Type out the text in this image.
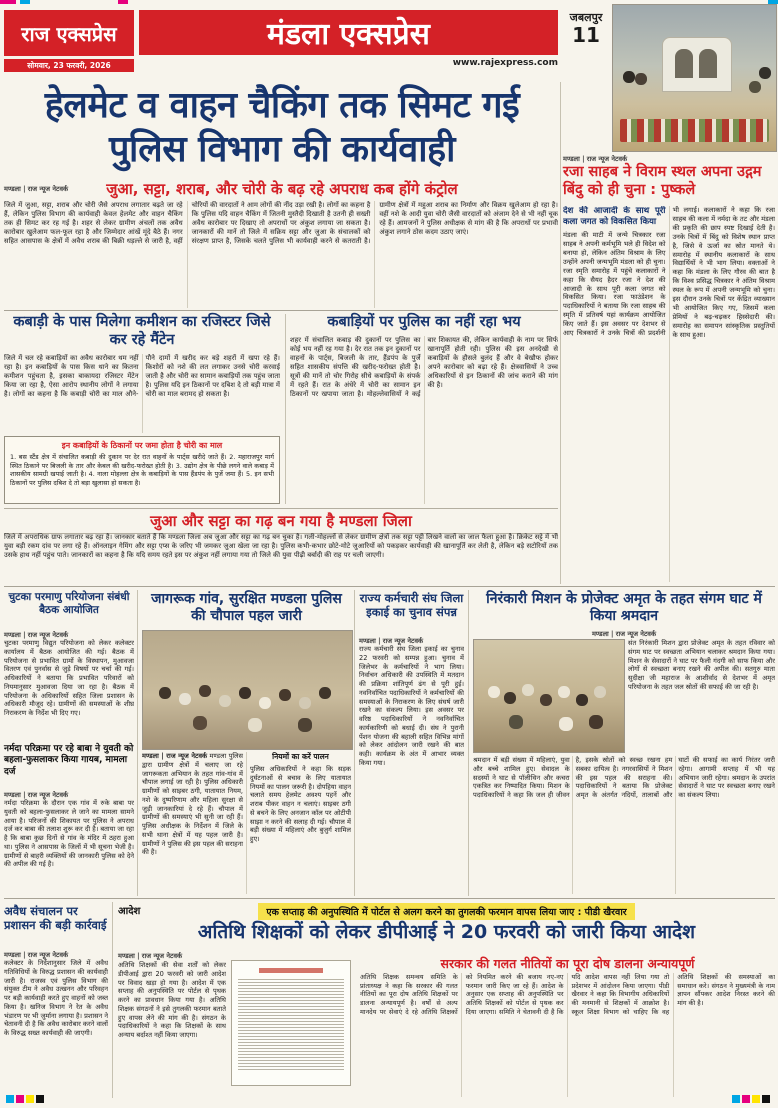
राज एक्सप्रेस
सोमवार, 23 फरवरी, 2026
मंडला एक्सप्रेस
www.rajexpress.com
जबलपुर
11
हेलमेट व वाहन चैकिंग तक सिमट गई पुलिस विभाग की कार्यवाही
मण्डला | राज न्यूज नेटवर्क	जुआ, सट्टा, शराब, और चोरी के बढ़ रहे अपराध कब होंगे कंट्रोल
जिले में जुआ, सट्टा, शराब और चोरी जैसे अपराध लगातार बढ़ते जा रहे हैं, लेकिन पुलिस विभाग की कार्यवाही केवल हेलमेट और वाहन चैकिंग तक ही सिमट कर रह गई है। शहर से लेकर ग्रामीण अंचलों तक अवैध कारोबार खुलेआम फल-फूल रहा है और जिम्मेदार आंखें मूंदे बैठे हैं। नगर सहित आसपास के क्षेत्रों में अवैध शराब की बिक्री धड़ल्ले से जारी है, वहीं चोरियों की वारदातों ने आम लोगों की नींद उड़ा रखी है। लोगों का कहना है कि पुलिस यदि वाहन चैकिंग में जितनी मुस्तैदी दिखाती है उतनी ही सख्ती अवैध कारोबार पर दिखाए तो अपराधों पर अंकुश लगाया जा सकता है। जानकारों की मानें तो जिले में सक्रिय सट्टा और जुआ के संचालकों को संरक्षण प्राप्त है, जिसके चलते पुलिस भी कार्यवाही करने से कतराती है। ग्रामीण क्षेत्रों में महुआ शराब का निर्माण और विक्रय खुलेआम हो रहा है। वहीं नशे के आदी युवा चोरी जैसी वारदातों को अंजाम देने से भी नहीं चूक रहे हैं। आमजनों ने पुलिस अधीक्षक से मांग की है कि अपराधों पर प्रभावी अंकुश लगाने ठोस कदम उठाए जाएं।
कबाड़ी के पास मिलेगा कमीशन का रजिस्टर जिसे कर रहे मैंटेन
जिले में चल रहे कबाड़ियों का अवैध कारोबार थम नहीं रहा है। इन कबाड़ियों के पास किस थाने का कितना कमीशन पहुंचता है, इसका बाकायदा रजिस्टर मेंटेन किया जा रहा है, ऐसा आरोप स्थानीय लोगों ने लगाया है। लोगों का कहना है कि कबाड़ी चोरी का माल औने-पौने दामों में खरीद कर बड़े शहरों में खपा रहे हैं। किशोरों को नशे की लत लगाकर उनसे चोरी करवाई जाती है और चोरी का सामान कबाड़ियों तक पहुंच जाता है। पुलिस यदि इन ठिकानों पर दबिश दे तो बड़ी मात्रा में चोरी का माल बरामद हो सकता है।
इन कबाड़ियों के ठिकानों पर जमा होता है चोरी का माल
1. बस स्टैंड क्षेत्र में संचालित कबाड़ी की दुकान पर देर रात वाहनों के पार्ट्स खरीदे जाते हैं। 2. महाराजपुर मार्ग स्थित ठिकाने पर बिजली के तार और केबल की खरीद-फरोख्त होती है। 3. उद्योग क्षेत्र के पीछे लगने वाले कबाड़ में शासकीय सामग्री खपाई जाती है। 4. नाला मोहल्ला क्षेत्र के कबाड़ियों के पास हैंडपंप के पुर्जे जमा हैं। 5. इन सभी ठिकानों पर पुलिस दबिश दे तो बड़ा खुलासा हो सकता है।
कबाड़ियों पर पुलिस का नहीं रहा भय
शहर में संचालित कबाड़ की दुकानों पर पुलिस का कोई भय नहीं रह गया है। देर रात तक इन दुकानों पर वाहनों के पार्ट्स, बिजली के तार, हैंडपंप के पुर्जे सहित शासकीय संपत्ति की खरीद-फरोख्त होती है। सूत्रों की मानें तो चोर गिरोह सीधे कबाड़ियों के संपर्क में रहते हैं। रात के अंधेरे में चोरी का सामान इन ठिकानों पर खपाया जाता है। मोहल्लेवासियों ने कई बार शिकायत की, लेकिन कार्यवाही के नाम पर सिर्फ खानापूर्ति होती रही। पुलिस की इस अनदेखी से कबाड़ियों के हौसले बुलंद हैं और वे बेखौफ होकर अपने कारोबार को बढ़ा रहे हैं। क्षेत्रवासियों ने उच्च अधिकारियों से इन ठिकानों की जांच कराने की मांग की है।
जुआ और सट्टा का गढ़ बन गया है मण्डला जिला
जिले में अपराधिक ग्राफ लगातार बढ़ रहा है। जानकार बताते हैं कि मण्डला जिला अब जुआ और सट्टा का गढ़ बन चुका है। गली-मोहल्लों से लेकर ग्रामीण क्षेत्रों तक सट्टा पट्टी लिखने वालों का जाल फैला हुआ है। क्रिकेट सट्टे में भी युवा बड़ी रकम दांव पर लगा रहे हैं। ऑनलाइन गेमिंग और सट्टा एप्स के जरिए भी जमकर जुआ खेला जा रहा है। पुलिस कभी-कभार छोटे-मोटे जुआरियों को पकड़कर कार्यवाही की खानापूर्ति कर लेती है, लेकिन बड़े सटोरियों तक उसके हाथ नहीं पहुंच पाते। जानकारों का कहना है कि यदि समय रहते इस पर अंकुश नहीं लगाया गया तो जिले की युवा पीढ़ी बर्बादी की राह पर चली जाएगी।
मण्डला | राज न्यूज नेटवर्क
रजा साहब ने विराम स्थल अपना उद्गम बिंदु को ही चुना : पुष्कले
देश की आजादी के साथ पूरी कला जगत को विकसित किया
मंडला की माटी में जन्मे चित्रकार रजा साहब ने अपनी कर्मभूमि भले ही विदेश को बनाया हो, लेकिन अंतिम विश्राम के लिए उन्होंने अपनी जन्मभूमि मंडला को ही चुना। रजा स्मृति समारोह में पहुंचे कलाकारों ने कहा कि सैयद हैदर रजा ने देश की आजादी के साथ पूरी कला जगत को विकसित किया। रजा फाउंडेशन के पदाधिकारियों ने बताया कि रजा साहब की स्मृति में प्रतिवर्ष यहां कार्यक्रम आयोजित किए जाते हैं। इस अवसर पर देशभर से आए चित्रकारों ने उनके चित्रों की प्रदर्शनी भी लगाई। कलाकारों ने कहा कि रजा साहब की कला में नर्मदा के तट और मंडला की प्रकृति की छाप स्पष्ट दिखाई देती है। उनके चित्रों में बिंदु को विशेष स्थान प्राप्त है, जिसे वे ऊर्जा का स्रोत मानते थे। समारोह में स्थानीय कलाकारों के साथ विद्यार्थियों ने भी भाग लिया। वक्ताओं ने कहा कि मंडला के लिए गौरव की बात है कि विश्व प्रसिद्ध चित्रकार ने अंतिम विश्राम स्थल के रूप में अपनी जन्मभूमि को चुना। इस दौरान उनके चित्रों पर केंद्रित व्याख्यान भी आयोजित किए गए, जिसमें कला प्रेमियों ने बढ़-चढ़कर हिस्सेदारी की। समारोह का समापन सांस्कृतिक प्रस्तुतियों के साथ हुआ।
चुटका परमाणु परियोजना संबंधी बैठक आयोजित
मण्डला | राज न्यूज नेटवर्क
चुटका परमाणु विद्युत परियोजना को लेकर कलेक्टर कार्यालय में बैठक आयोजित की गई। बैठक में परियोजना से प्रभावित ग्रामों के विस्थापन, मुआवजा वितरण एवं पुनर्वास से जुड़े विषयों पर चर्चा की गई। अधिकारियों ने बताया कि प्रभावित परिवारों को नियमानुसार मुआवजा दिया जा रहा है। बैठक में परियोजना के अधिकारियों सहित जिला प्रशासन के अधिकारी मौजूद रहे। ग्रामीणों की समस्याओं के शीघ्र निराकरण के निर्देश भी दिए गए।
नर्मदा परिक्रमा पर रहे बाबा ने युवती को बहला-फुसलाकर किया गायब, मामला दर्ज
मण्डला | राज न्यूज नेटवर्क
नर्मदा परिक्रमा के दौरान एक गांव में रुके बाबा पर युवती को बहला-फुसलाकर ले जाने का मामला सामने आया है। परिजनों की शिकायत पर पुलिस ने अपराध दर्ज कर बाबा की तलाश शुरू कर दी है। बताया जा रहा है कि बाबा कुछ दिनों से गांव के मंदिर में ठहरा हुआ था। पुलिस ने आसपास के जिलों में भी सूचना भेजी है। ग्रामीणों से बाहरी व्यक्तियों की जानकारी पुलिस को देने की अपील की गई है।
जागरूक गांव, सुरक्षित मण्डला पुलिस की चौपाल पहल जारी
मण्डला | राज न्यूज नेटवर्क मण्डला पुलिस द्वारा ग्रामीण क्षेत्रों में चलाए जा रहे जागरूकता अभियान के तहत गांव-गांव में चौपाल लगाई जा रही है। पुलिस अधिकारी ग्रामीणों को साइबर ठगी, यातायात नियम, नशे के दुष्परिणाम और महिला सुरक्षा से जुड़ी जानकारियां दे रहे हैं। चौपाल में ग्रामीणों की समस्याएं भी सुनी जा रही हैं। पुलिस अधीक्षक के निर्देशन में जिले के सभी थाना क्षेत्रों में यह पहल जारी है। ग्रामीणों ने पुलिस की इस पहल की सराहना की है।
नियमों का करें पालन
पुलिस अधिकारियों ने कहा कि सड़क दुर्घटनाओं से बचाव के लिए यातायात नियमों का पालन जरूरी है। दोपहिया वाहन चलाते समय हेलमेट अवश्य पहनें और शराब पीकर वाहन न चलाएं। साइबर ठगी से बचने के लिए अनजान कॉल पर ओटीपी साझा न करने की सलाह दी गई। चौपाल में बड़ी संख्या में महिलाएं और बुजुर्ग शामिल हुए।
राज्य कर्मचारी संघ जिला इकाई का चुनाव संपन्न
मण्डला | राज न्यूज नेटवर्क
राज्य कर्मचारी संघ जिला इकाई का चुनाव 22 फरवरी को सम्पन्न हुआ। चुनाव में जिलेभर के कर्मचारियों ने भाग लिया। निर्वाचन अधिकारी की उपस्थिति में मतदान की प्रक्रिया शांतिपूर्ण ढंग से पूरी हुई। नवनिर्वाचित पदाधिकारियों ने कर्मचारियों की समस्याओं के निराकरण के लिए संघर्ष जारी रखने का संकल्प लिया। इस अवसर पर वरिष्ठ पदाधिकारियों ने नवनिर्वाचित कार्यकारिणी को बधाई दी। संघ ने पुरानी पेंशन योजना की बहाली सहित विभिन्न मांगों को लेकर आंदोलन जारी रखने की बात कही। कार्यक्रम के अंत में आभार व्यक्त किया गया।
निरंकारी मिशन के प्रोजेक्ट अमृत के तहत संगम घाट में किया श्रमदान
मण्डला | राज न्यूज नेटवर्क
संत निरंकारी मिशन द्वारा प्रोजेक्ट अमृत के तहत रविवार को संगम घाट पर स्वच्छता अभियान चलाकर श्रमदान किया गया। मिशन के सेवादारों ने घाट पर फैली गंदगी को साफ किया और लोगों से स्वच्छता बनाए रखने की अपील की। सतगुरु माता सुदीक्षा जी महाराज के आशीर्वाद से देशभर में अमृत परियोजना के तहत जल स्रोतों की सफाई की जा रही है।
श्रमदान में बड़ी संख्या में महिलाएं, युवा और बच्चे शामिल हुए। सेवादल के सदस्यों ने घाट से पॉलीथिन और कचरा एकत्रित कर निष्पादित किया। मिशन के पदाधिकारियों ने कहा कि जल ही जीवन है, इसके स्रोतों को स्वच्छ रखना हम सबका दायित्व है। नगरवासियों ने मिशन की इस पहल की सराहना की। पदाधिकारियों ने बताया कि प्रोजेक्ट अमृत के अंतर्गत नदियों, तालाबों और घाटों की सफाई का कार्य निरंतर जारी रहेगा। आगामी सप्ताह में भी यह अभियान जारी रहेगा। श्रमदान के उपरांत सेवादारों ने घाट पर स्वच्छता बनाए रखने का संकल्प लिया।
अवैध संचालन पर प्रशासन की बड़ी कार्रवाई
मण्डला | राज न्यूज नेटवर्क
कलेक्टर के निर्देशानुसार जिले में अवैध गतिविधियों के विरुद्ध प्रशासन की कार्यवाही जारी है। राजस्व एवं पुलिस विभाग की संयुक्त टीम ने अवैध उत्खनन और परिवहन पर बड़ी कार्यवाही करते हुए वाहनों को जब्त किया है। खनिज विभाग ने रेत के अवैध भंडारण पर भी जुर्माना लगाया है। प्रशासन ने चेतावनी दी है कि अवैध कारोबार करने वालों के विरुद्ध सख्त कार्यवाही की जाएगी।
आदेश	एक सप्ताह की अनुपस्थिति में पोर्टल से अलग करने का तुगलकी फरमान वापस लिया जाए : पीडी खैरवार
अतिथि शिक्षकों को लेकर डीपीआई ने 20 फरवरी को जारी किया आदेश
मण्डला | राज न्यूज नेटवर्क	सरकार की गलत नीतियों का पूरा दोष डालना अन्यायपूर्ण
अतिथि शिक्षकों की सेवा शर्तों को लेकर डीपीआई द्वारा 20 फरवरी को जारी आदेश पर विवाद खड़ा हो गया है। आदेश में एक सप्ताह की अनुपस्थिति पर पोर्टल से पृथक करने का प्रावधान किया गया है। अतिथि शिक्षक संगठनों ने इसे तुगलकी फरमान बताते हुए वापस लेने की मांग की है। संगठन के पदाधिकारियों ने कहा कि शिक्षकों के साथ अन्याय बर्दाश्त नहीं किया जाएगा।
अतिथि शिक्षक समन्वय समिति के प्रांताध्यक्ष ने कहा कि सरकार की गलत नीतियों का पूरा दोष अतिथि शिक्षकों पर डालना अन्यायपूर्ण है। वर्षों से अल्प मानदेय पर सेवाएं दे रहे अतिथि शिक्षकों को नियमित करने की बजाय नए-नए फरमान जारी किए जा रहे हैं। आदेश के अनुसार एक सप्ताह की अनुपस्थिति पर अतिथि शिक्षकों को पोर्टल से पृथक कर दिया जाएगा। समिति ने चेतावनी दी है कि यदि आदेश वापस नहीं लिया गया तो प्रदेशभर में आंदोलन किया जाएगा। पीडी खैरवार ने कहा कि विभागीय अधिकारियों की मनमानी से शिक्षकों में आक्रोश है। स्कूल शिक्षा विभाग को चाहिए कि वह अतिथि शिक्षकों की समस्याओं का समाधान करे। संगठन ने मुख्यमंत्री के नाम ज्ञापन सौंपकर आदेश निरस्त करने की मांग की है।
